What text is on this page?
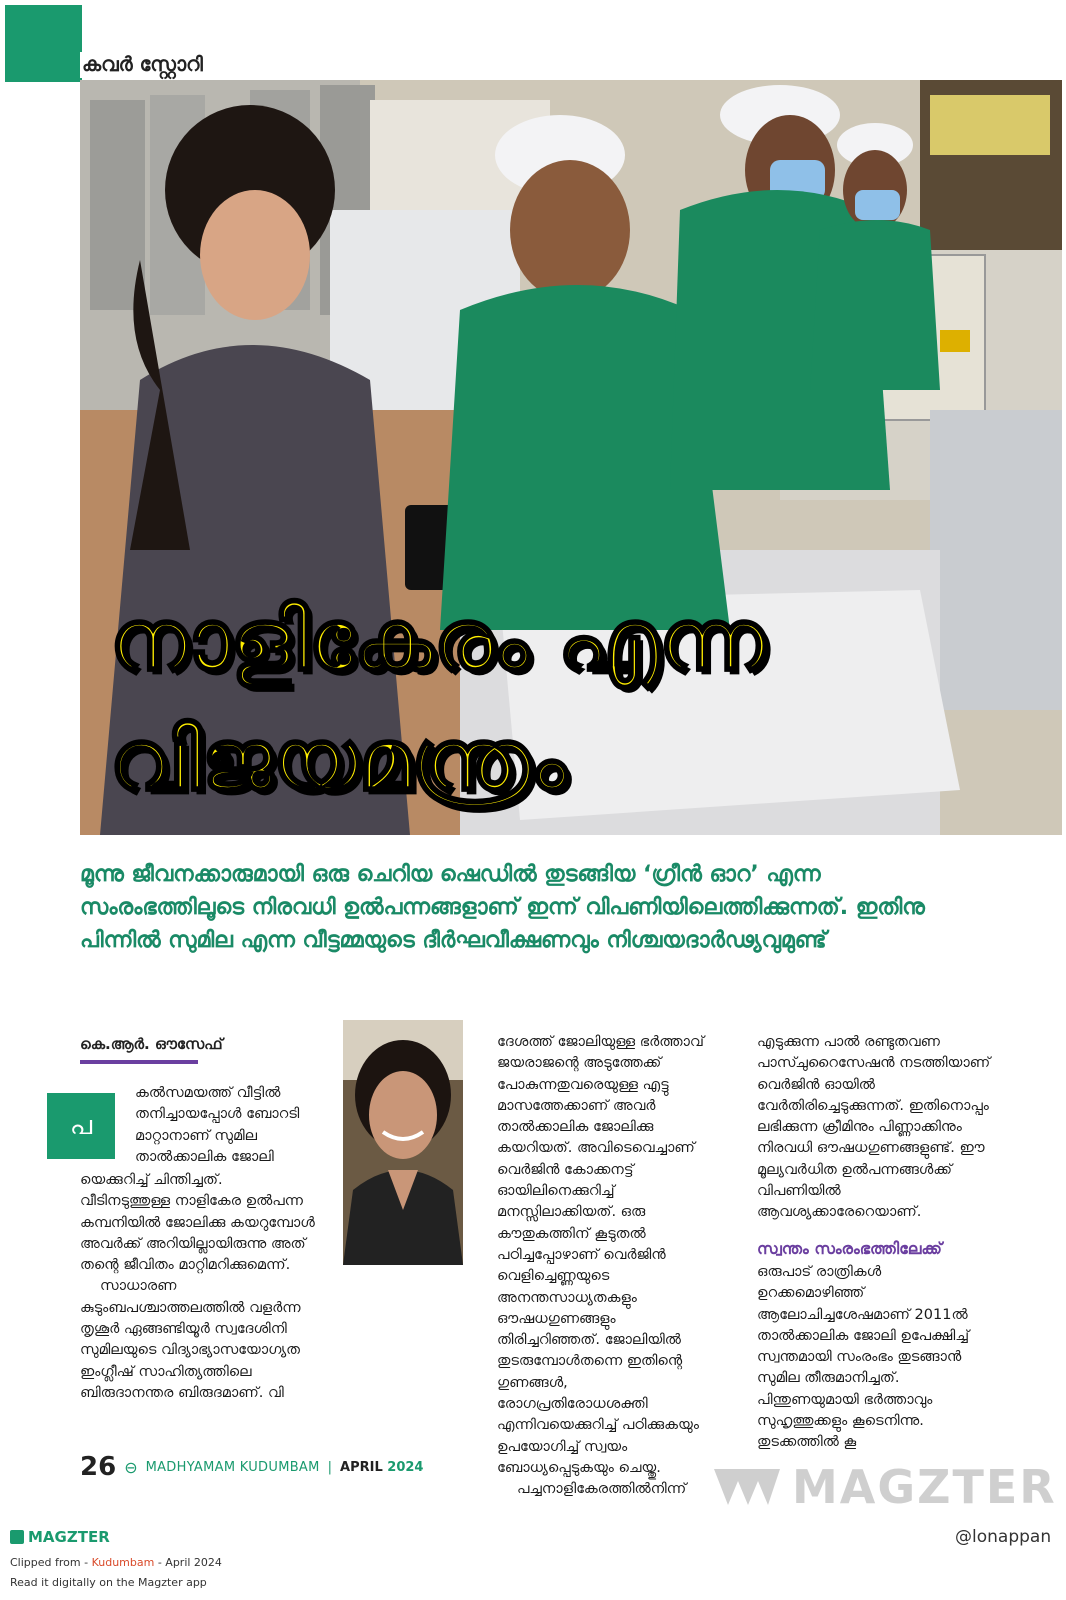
കവർ സ്റ്റോറി
നാളികേരം എന്ന
വിജയമന്ത്രം
മൂന്നു ജീവനക്കാരുമായി ഒരു ചെറിയ ഷെഡിൽ തുടങ്ങിയ ‘ഗ്രീൻ ഓറ’ എന്ന സംരംഭത്തിലൂടെ നിരവധി ഉൽപന്നങ്ങളാണ് ഇന്ന് വിപണിയിലെത്തിക്കുന്നത്. ഇതിനു പിന്നിൽ സുമില എന്ന വീട്ടമ്മയുടെ ദീർഘവീക്ഷണവും നിശ്ചയദാർഢ്യവുമുണ്ട്
കെ.ആർ. ഔസേഫ്
പ

കൽസമയത്ത് വീട്ടിൽ തനിച്ചായപ്പോൾ ബോറടി മാറ്റാനാണ് സുമില താൽക്കാലിക ജോലി

യെക്കുറിച്ച് ചിന്തിച്ചത്. വീടിനടുത്തുള്ള നാളികേര ഉൽപന്ന കമ്പനിയിൽ ജോലിക്കു കയറുമ്പോൾ അവർക്ക് അറിയില്ലായിരുന്നു അത് തന്റെ ജീവിതം മാറ്റിമറിക്കുമെന്ന്.

സാധാരണ കുടുംബപശ്ചാത്തലത്തിൽ വളർന്ന തൃശൂർ ഏങ്ങണ്ടിയൂർ സ്വദേശിനി സുമിലയുടെ വിദ്യാഭ്യാസയോഗ്യത ഇംഗ്ലീഷ് സാഹിത്യത്തിലെ ബിരുദാനന്തര ബിരുദമാണ്. വി

ദേശത്ത് ജോലിയുള്ള ഭർത്താവ് ജയരാജന്റെ അടുത്തേക്ക് പോകുന്നതുവരെയുള്ള എട്ടു മാസത്തേക്കാണ് അവർ താൽക്കാലിക ജോലിക്കു കയറിയത്. അവിടെവെച്ചാണ് വെർജിൻ കോക്കനട്ട് ഓയിലിനെക്കുറിച്ച് മനസ്സിലാക്കിയത്. ഒരു കൗതുകത്തിന് കൂടുതൽ പഠിച്ചപ്പോഴാണ് വെർജിൻ വെളിച്ചെണ്ണയുടെ അനന്തസാധ്യതകളും ഔഷധഗുണങ്ങളും തിരിച്ചറിഞ്ഞത്. ജോലിയിൽ തുടരുമ്പോൾതന്നെ ഇതിന്റെ ഗുണങ്ങൾ, രോഗപ്രതിരോധശക്തി എന്നിവയെക്കുറിച്ച് പഠിക്കുകയും ഉപയോഗിച്ച് സ്വയം ബോധ്യപ്പെടുകയും ചെയ്തു.

പച്ചനാളികേരത്തിൽനിന്ന്

എടുക്കുന്ന പാൽ രണ്ടുതവണ പാസ്ചുറൈസേഷൻ നടത്തിയാണ് വെർജിൻ ഓയിൽ വേർതിരിച്ചെടുക്കുന്നത്. ഇതിനൊപ്പം ലഭിക്കുന്ന ക്രീമിനും പിണ്ണാക്കിനും നിരവധി ഔഷധഗുണങ്ങളുണ്ട്. ഈ മൂല്യവർധിത ഉൽപന്നങ്ങൾക്ക് വിപണിയിൽ ആവശ്യക്കാരേറെയാണ്.

സ്വന്തം സംരംഭത്തിലേക്ക്

ഒരുപാട് രാത്രികൾ ഉറക്കമൊഴിഞ്ഞ് ആലോചിച്ചശേഷമാണ് 2011ൽ താൽക്കാലിക ജോലി ഉപേക്ഷിച്ച് സ്വന്തമായി സംരംഭം തുടങ്ങാൻ സുമില തീരുമാനിച്ചത്. പിന്തുണയുമായി ഭർത്താവും സുഹൃത്തുക്കളും കൂടെനിന്നു. തുടക്കത്തിൽ കൂ

26 ⊖ MADHYAMAM KUDUMBAM | APRIL 2024	MAGZTER
MAGZTER
Clipped from - Kudumbam - April 2024
Read it digitally on the Magzter app
@lonappan
